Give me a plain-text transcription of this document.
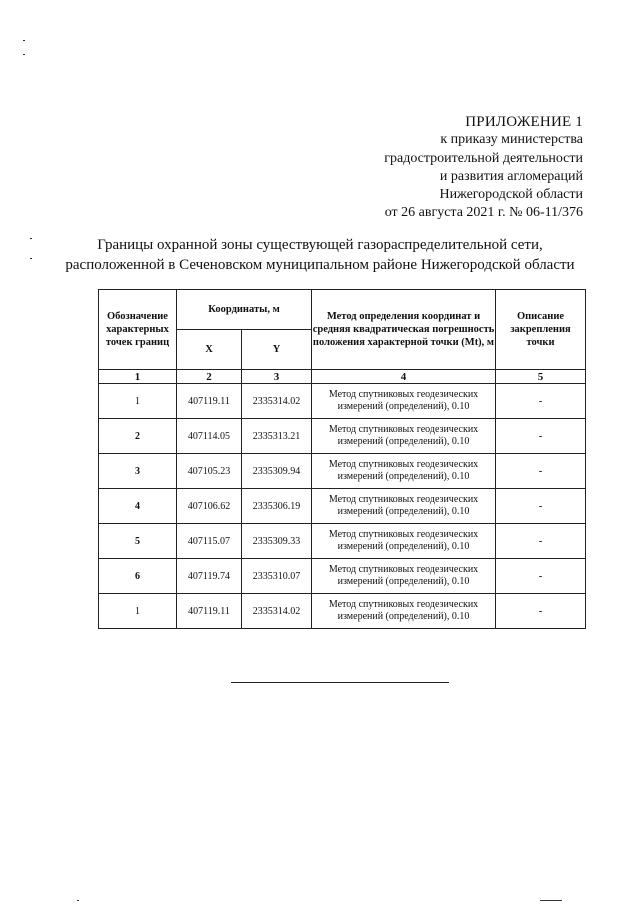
ПРИЛОЖЕНИЕ 1
к приказу министерства
градостроительной деятельности
и развития агломераций
Нижегородской области
от 26 августа 2021 г. № 06-11/376
Границы охранной зоны существующей газораспределительной сети,
расположенной в Сеченовском муниципальном районе Нижегородской области
Обозначение характерных точек границ	Координаты, м		Метод определения координат и средняя квадратическая погрешность положения характерной точки (Mt), м	Описание закрепления точки
	X	Y		
1	2	3	4	5
1	407119.11	2335314.02	Метод спутниковых геодезических измерений (определений), 0.10	-
2	407114.05	2335313.21	Метод спутниковых геодезических измерений (определений), 0.10	-
3	407105.23	2335309.94	Метод спутниковых геодезических измерений (определений), 0.10	-
4	407106.62	2335306.19	Метод спутниковых геодезических измерений (определений), 0.10	-
5	407115.07	2335309.33	Метод спутниковых геодезических измерений (определений), 0.10	-
6	407119.74	2335310.07	Метод спутниковых геодезических измерений (определений), 0.10	-
1	407119.11	2335314.02	Метод спутниковых геодезических измерений (определений), 0.10	-
